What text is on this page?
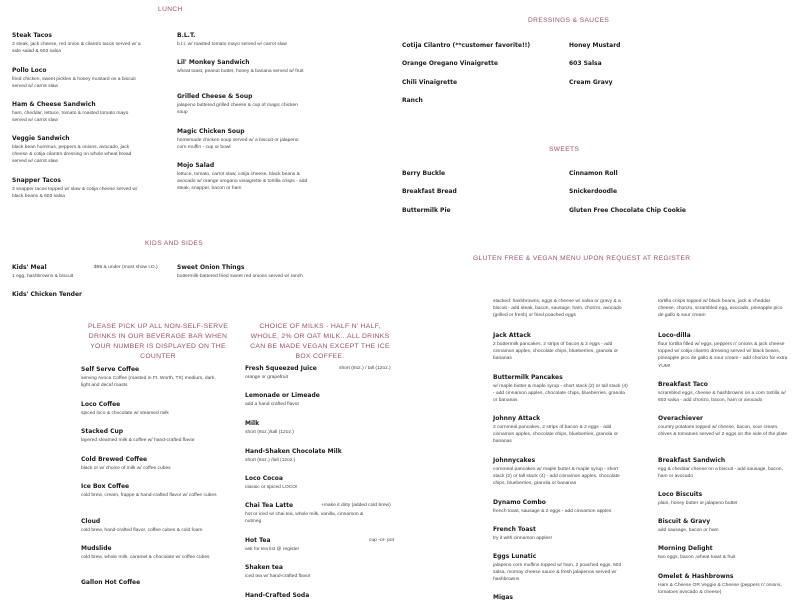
LUNCH
Steak Tacos
3 steak, jack cheese, red onion & cilantro tacos served w/ a side salad & 603 salsa
Pollo Loco
fried chicken, sweet pickles & honey mustard on a biscuit served w/ carrot slaw
Ham & Cheese Sandwich
ham, cheddar, lettuce, tomato & roasted tomato mayo served w/ carrot slaw
Veggie Sandwich
black bean hummus, peppers & onions, avocado, jack cheese & cotija cilantro dressing on whole wheat bread served w/ carrot slaw
Snapper Tacos
3 snapper tacos topped w/ slaw & cotija cheese served w/ black beans & 603 salsa
B.L.T.
b.l.t. w/ roasted tomato mayo served w/ carrot slaw
Lil' Monkey Sandwich
wheat toast, peanut butter, honey & banana served w/ fruit
Grilled Cheese & Soup
jalapeno buttered grilled cheese & cup of magic chicken soup
Magic Chicken Soup
homemade chicken soup served w/ a biscuit or jalapeno corn muffin - cup or bowl
Mojo Salad
lettuce, tomato, carrot slaw, cotija cheese, black beans & avocado w/ orange oregano vinaigrette & tortilla crisps - add steak, snapper, bacon or ham
DRESSINGS & SAUCES
Cotija Cilantro (**customer favorite!!)
Orange Oregano Vinaigrette
Chili Vinaigrette
Ranch
Honey Mustard
603 Salsa
Cream Gravy
SWEETS
Berry Buckle
Breakfast Bread
Buttermilk Pie
Cinnamon Roll
Snickerdoodle
Gluten Free Chocolate Chip Cookie
KIDS AND SIDES
Kids' Meal
1 egg, hashbrowns & biscuit
$95 & under (must show I.D.)
Kids' Chicken Tender
Sweet Onion Things
buttermilk-battered fried sweet red onions served w/ ranch
GLUTEN FREE & VEGAN MENU UPON REQUEST AT REGISTER
PLEASE PICK UP ALL NON-SELF-SERVE DRINKS IN OUR BEVERAGE BAR WHEN YOUR NUMBER IS DISPLAYED ON THE COUNTER
CHOICE OF MILKS - HALF N' HALF, WHOLE, 2% OR OAT MILK...ALL DRINKS CAN BE MADE VEGAN EXCEPT THE ICE BOX COFFEE.
Self Serve Coffee
serving Avoca Coffee (roasted in Ft. Worth, TX) medium, dark, light and decaf roasts
Loco Coffee
spiced loco & chocolate w/ steamed milk
Stacked Cup
layered steamed milk & coffee w/ hand-crafted flavor
Cold Brewed Coffee
black or w/ choice of milk w/ coffee cubes
Ice Box Coffee
cold brew, cream, frappe & hand-crafted flavor w/ coffee cubes
Cloud
cold brew, hand-crafted flavor, coffee cubes & cold foam
Mudslide
cold brew, whole milk, caramel & chocolate w/ coffee cubes
Gallon Hot Coffee
Fresh Squeezed Juice
orange or grapefruit
short (8oz.) / tall (12oz.)
Lemonade or Limeade
add a hand crafted flavor
Milk
short (8oz.)/tall (12oz.)
Hand-Shaken Chocolate Milk
short (8oz.) /tall (12oz.)
Loco Cocoa
classic or spiced LOCO!
Chai Tea Latte
hot or iced w/ chai tea, whole milk, vanilla, cinnamon & nutmeg
+make it dirty (added cold brew)
Hot Tea
ask for tea list @ register
cup -or- pot
Shaken tea
iced tea w/ hand-crafted flavor
Hand-Crafted Soda
stacked: hashbrowns, eggs & cheese w/ salsa or gravy & a biscuit - add steak, bacon, sausage, ham, chorizo, avocado (grilled or fresh) or fried poached eggs
tortilla crisps topped w/ black beans, jack & cheddar cheese, chorizo, scrambled egg, avocado, pineapple pico de gallo & sour cream
Jack Attack
2 buttermilk pancakes, 2 strips of bacon & 2 eggs - add cinnamon apples, chocolate chips, blueberries, granola or bananas
Buttermilk Pancakes
w/ maple butter & maple syrup - short stack (2) or tall stack (4) - add cinnamon apples, chocolate chips, blueberries, granola or bananas
Johnny Attack
2 cornmeal pancakes, 2 strips of bacon & 2 eggs - add cinnamon apples, chocolate chips, blueberries, granola or bananas
Johnnycakes
cornmeal pancakes w/ maple butter & maple syrup - short stack (2) or tall stack (4) - add cinnamon apples, chocolate chips, blueberries, granola or bananas
Dynamo Combo
french toast, sausage & 2 eggs - add cinnamon apples
French Toast
try it with cinnamon apples!
Eggs Lunatic
jalapeno corn muffins topped w/ ham, 2 poached eggs, 603 salsa, mornay cheese sauce & fresh jalapenos served w/ hashbrowns
Migas
Loco-dilla
flour tortilla filled w/ eggs, peppers n' onions & jack cheese topped w/ cotija cilantro dressing served w/ black beans, pineapple pico de gallo & sour cream - add chorizo for extra YUM!
Breakfast Taco
scrambled eggs, cheese & hashbrowns on a corn tortilla w/ 603 salsa - add chorizo, bacon, ham or avocado
Overachiever
country potatoes topped w/ cheese, bacon, sour cream, chives & tomatoes served w/ 2 eggs on the side of the plate
Breakfast Sandwich
egg & cheddar cheese on a biscuit - add sausage, bacon, ham or avocado
Loco Biscuits
plain, honey butter or jalapeno butter
Biscuit & Gravy
add sausage, bacon or ham
Morning Delight
two eggs, bacon ,wheat toast & fruit
Omelet & Hashbrowns
Ham & Cheese OR Veggie & Cheese (peppers n' onions, tomatoes avocado & cheese)
